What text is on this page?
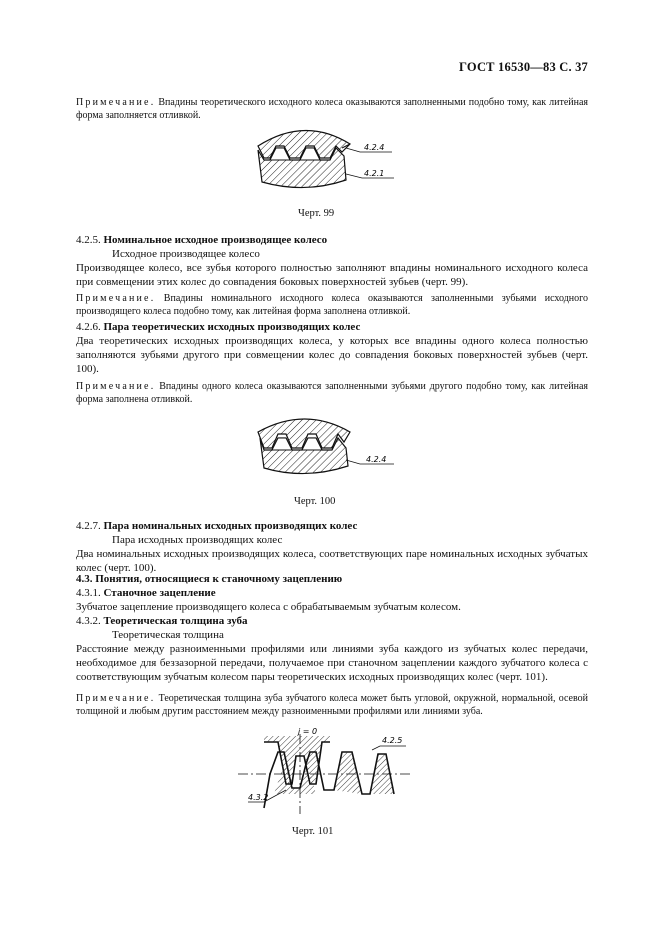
ГОСТ 16530—83 С. 37
Примечание. Впадины теоретического исходного колеса оказываются заполненными подобно тому, как литейная форма заполняется отливкой.
4.2.4
4.2.1
Черт. 99
4.2.5. Номинальное исходное производящее колесо
Исходное производящее колесо
Производящее колесо, все зубья которого полностью заполняют впадины номинального исходного колеса при совмещении этих колес до совпадения боковых поверхностей зубьев (черт. 99).
Примечание. Впадины номинального исходного колеса оказываются заполненными зубьями исходного производящего колеса подобно тому, как литейная форма заполнена отливкой.
4.2.6. Пара теоретических исходных производящих колес
Два теоретических исходных производящих колеса, у которых все впадины одного колеса полностью заполняются зубьями другого при совмещении колес до совпадения боковых поверхностей зубьев (черт. 100).
Примечание. Впадины одного колеса оказываются заполненными зубьями другого подобно тому, как литейная форма заполнена отливкой.
4.2.4
Черт. 100
4.2.7. Пара номинальных исходных производящих колес
Пара исходных производящих колес
Два номинальных исходных производящих колеса, соответствующих паре номинальных исходных зубчатых колес (черт. 100).
4.3. Понятия, относящиеся к станочному зацеплению
4.3.1. Станочное зацепление
Зубчатое зацепление производящего колеса с обрабатываемым зубчатым колесом.
4.3.2. Теоретическая толщина зуба
Теоретическая толщина
Расстояние между разноименными профилями или линиями зуба каждого из зубчатых колес передачи, необходимое для беззазорной передачи, получаемое при станочном зацеплении каждого зубчатого колеса с соответствующим зубчатым колесом пары теоретических исходных производящих колес (черт. 101).
Примечание. Теоретическая толщина зуба зубчатого колеса может быть угловой, окружной, нормальной, осевой толщиной и любым другим расстоянием между разноименными профилями или линиями зуба.
j = 0
4.2.5
4.3.2
Черт. 101
